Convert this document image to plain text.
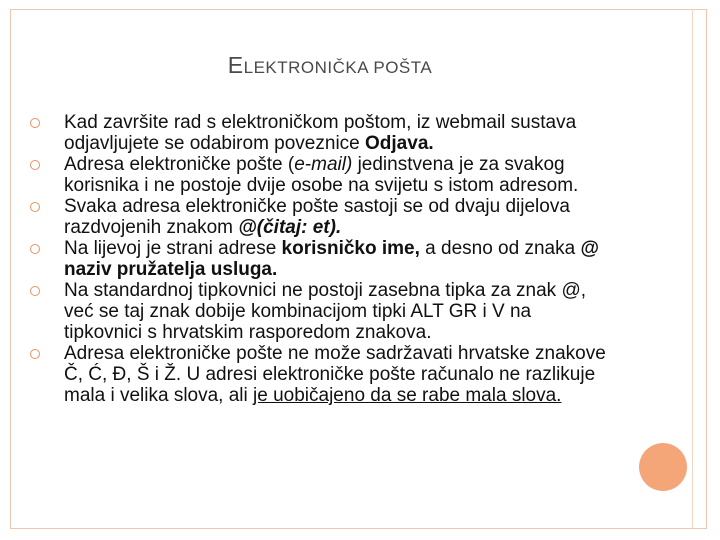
ELEKTRONIČKA POŠTA
Kad završite rad s elektroničkom poštom, iz webmail sustava odjavljujete se odabirom poveznice Odjava.
Adresa elektroničke pošte (e-mail) jedinstvena je za svakog korisnika i ne postoje dvije osobe na svijetu s istom adresom.
Svaka adresa elektroničke pošte sastoji se od dvaju dijelova razdvojenih znakom @(čitaj: et).
Na lijevoj je strani adrese korisničko ime, a desno od znaka @ naziv pružatelja usluga.
Na standardnoj tipkovnici ne postoji zasebna tipka za znak @, već se taj znak dobije kombinacijom tipki ALT GR i V na tipkovnici s hrvatskim rasporedom znakova.
Adresa elektroničke pošte ne može sadržavati hrvatske znakove Č, Ć, Đ, Š i Ž. U adresi elektroničke pošte računalo ne razlikuje mala i velika slova, ali je uobičajeno da se rabe mala slova.
